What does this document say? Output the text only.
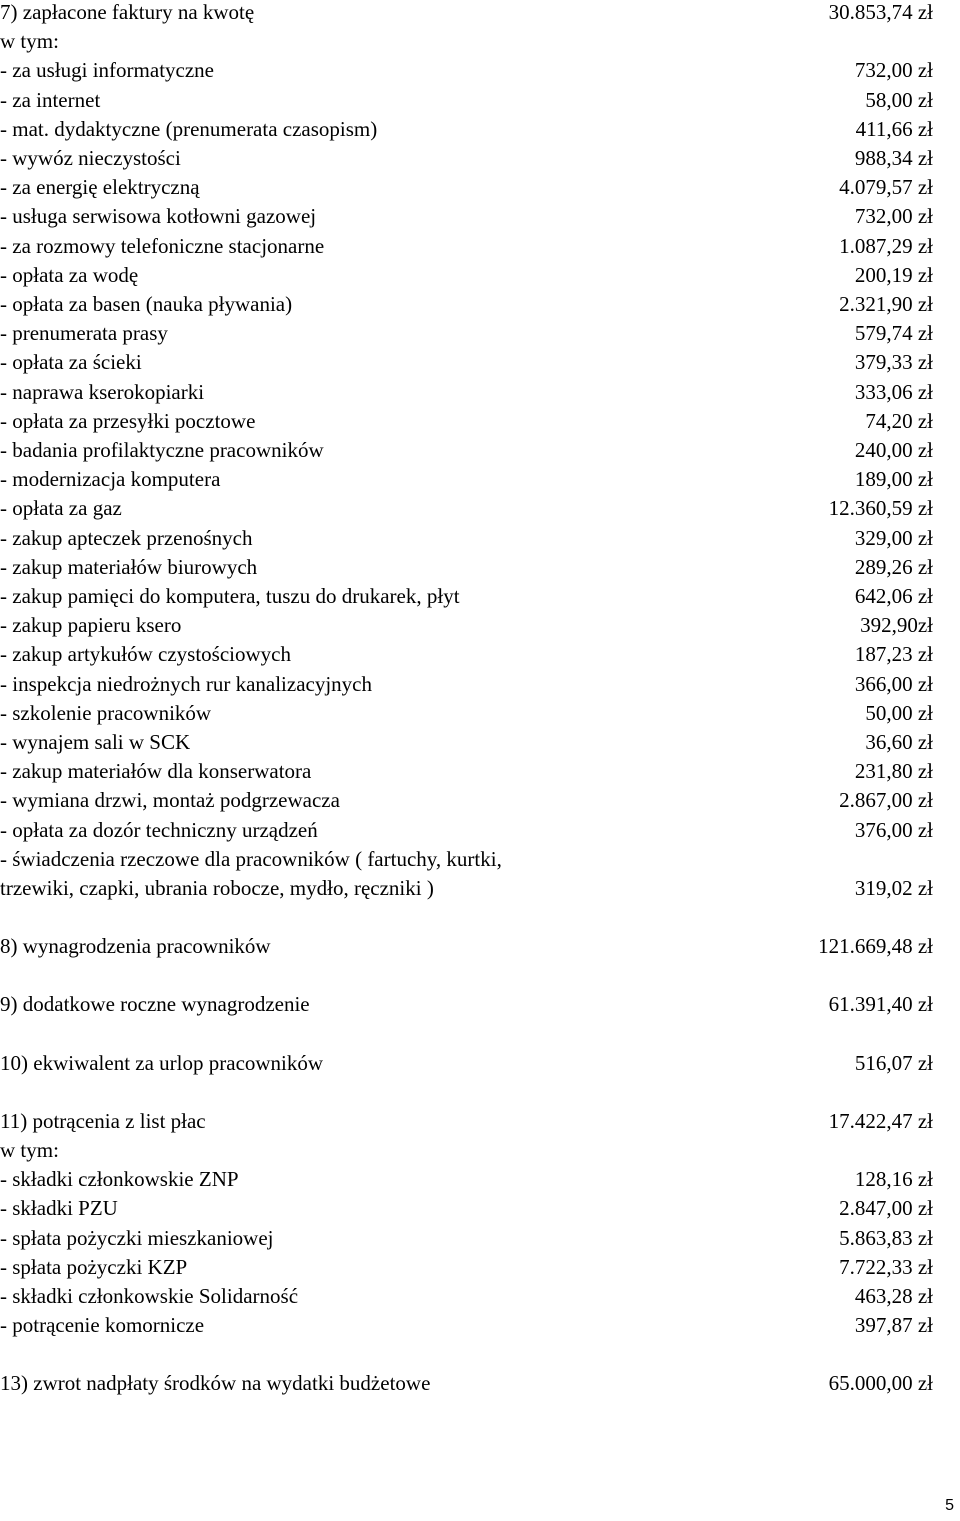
7) zapłacone faktury na kwotę	30.853,74 zł
w tym:
- za usługi informatyczne	732,00 zł
- za internet	58,00 zł
- mat. dydaktyczne (prenumerata czasopism)	411,66 zł
- wywóz nieczystości	988,34 zł
- za energię elektryczną	4.079,57 zł
- usługa serwisowa kotłowni gazowej	732,00 zł
- za rozmowy telefoniczne stacjonarne	1.087,29 zł
- opłata za wodę	200,19 zł
- opłata za basen (nauka pływania)	2.321,90 zł
- prenumerata prasy	579,74 zł
- opłata za ścieki	379,33 zł
- naprawa kserokopiarki	333,06 zł
- opłata za przesyłki pocztowe	74,20 zł
- badania profilaktyczne pracowników	240,00 zł
- modernizacja komputera	189,00 zł
- opłata za gaz	12.360,59 zł
- zakup apteczek przenośnych	329,00 zł
- zakup materiałów biurowych	289,26 zł
- zakup pamięci do komputera, tuszu do drukarek, płyt	642,06 zł
- zakup papieru ksero	392,90zł
- zakup artykułów czystościowych	187,23 zł
- inspekcja niedrożnych rur kanalizacyjnych	366,00 zł
- szkolenie pracowników	50,00 zł
- wynajem sali w SCK	36,60 zł
- zakup materiałów dla konserwatora	231,80 zł
- wymiana drzwi, montaż podgrzewacza	2.867,00 zł
- opłata za dozór techniczny urządzeń	376,00 zł
- świadczenia rzeczowe dla pracowników ( fartuchy, kurtki,
trzewiki, czapki, ubrania robocze, mydło, ręczniki )	319,02 zł
8) wynagrodzenia pracowników	121.669,48 zł
9) dodatkowe roczne wynagrodzenie	61.391,40 zł
10) ekwiwalent za urlop pracowników	516,07 zł
11) potrącenia z list płac	17.422,47 zł
w tym:
- składki członkowskie ZNP	128,16 zł
- składki PZU	2.847,00 zł
- spłata pożyczki mieszkaniowej	5.863,83 zł
- spłata pożyczki KZP	7.722,33 zł
- składki członkowskie Solidarność	463,28 zł
- potrącenie komornicze	397,87 zł
13) zwrot nadpłaty środków na wydatki budżetowe	65.000,00 zł
5
